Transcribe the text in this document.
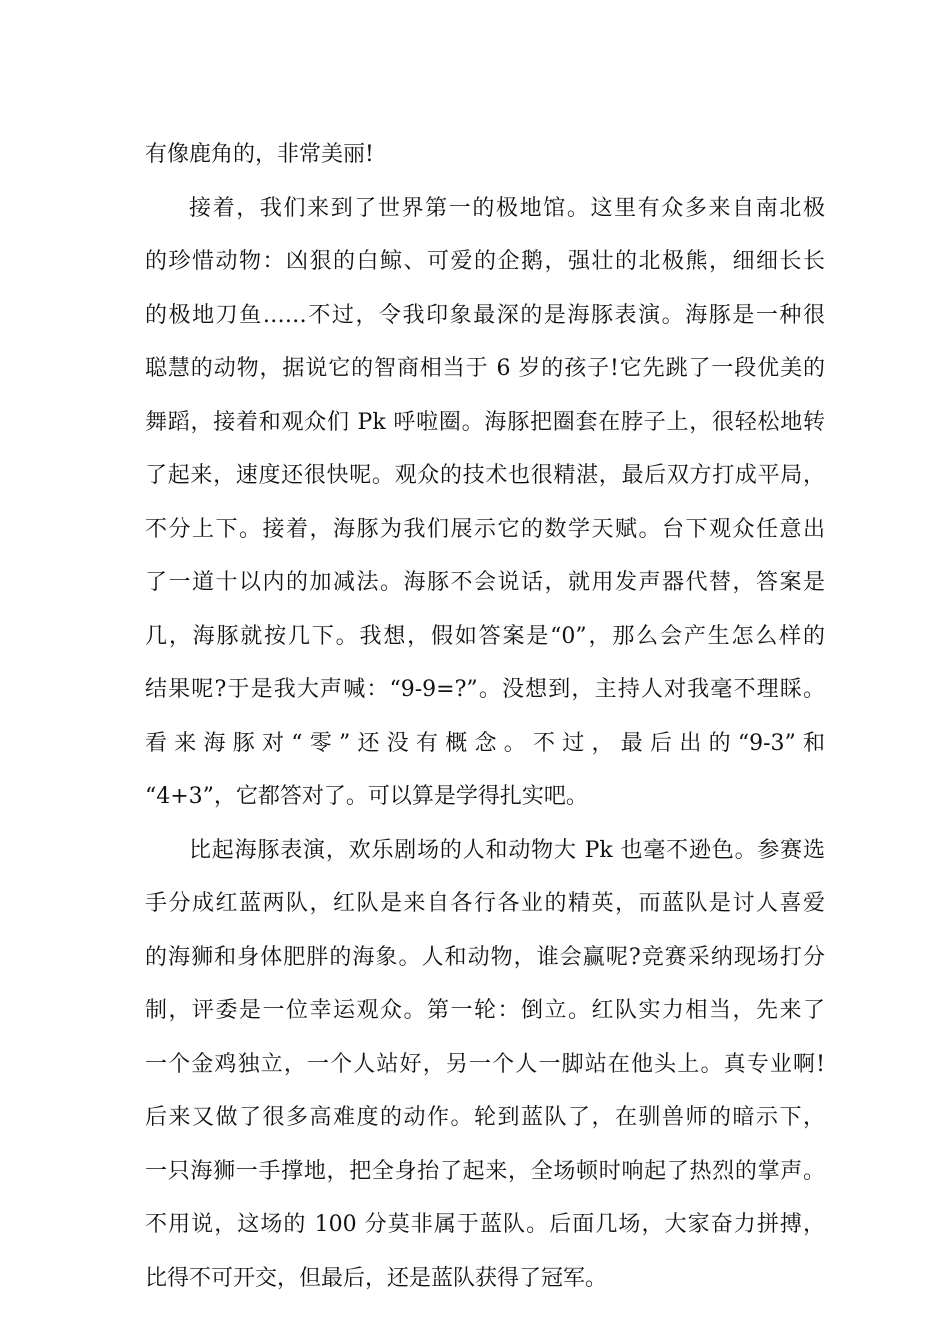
有像鹿角的，非常美丽!
接着，我们来到了世界第一的极地馆。这里有众多来自南北极
的珍惜动物：凶狠的白鲸、可爱的企鹅，强壮的北极熊，细细长长
的极地刀鱼……不过，令我印象最深的是海豚表演。海豚是一种很
聪慧的动物，据说它的智商相当于 6 岁的孩子!它先跳了一段优美的
舞蹈，接着和观众们 Pk 呼啦圈。海豚把圈套在脖子上，很轻松地转
了起来，速度还很快呢。观众的技术也很精湛，最后双方打成平局，
不分上下。接着，海豚为我们展示它的数学天赋。台下观众任意出
了一道十以内的加减法。海豚不会说话，就用发声器代替，答案是
几，海豚就按几下。我想，假如答案是“0”，那么会产生怎么样的
结果呢?于是我大声喊：“9-9=?”。没想到，主持人对我毫不理睬。
看来海豚对“零”还没有概念。不过，最后出的“9-3”和
“4+3”，它都答对了。可以算是学得扎实吧。
比起海豚表演，欢乐剧场的人和动物大 Pk 也毫不逊色。参赛选
手分成红蓝两队，红队是来自各行各业的精英，而蓝队是讨人喜爱
的海狮和身体肥胖的海象。人和动物，谁会赢呢?竞赛采纳现场打分
制，评委是一位幸运观众。第一轮：倒立。红队实力相当，先来了
一个金鸡独立，一个人站好，另一个人一脚站在他头上。真专业啊!
后来又做了很多高难度的动作。轮到蓝队了，在驯兽师的暗示下，
一只海狮一手撑地，把全身抬了起来，全场顿时响起了热烈的掌声。
不用说，这场的 100 分莫非属于蓝队。后面几场，大家奋力拼搏，
比得不可开交，但最后，还是蓝队获得了冠军。
